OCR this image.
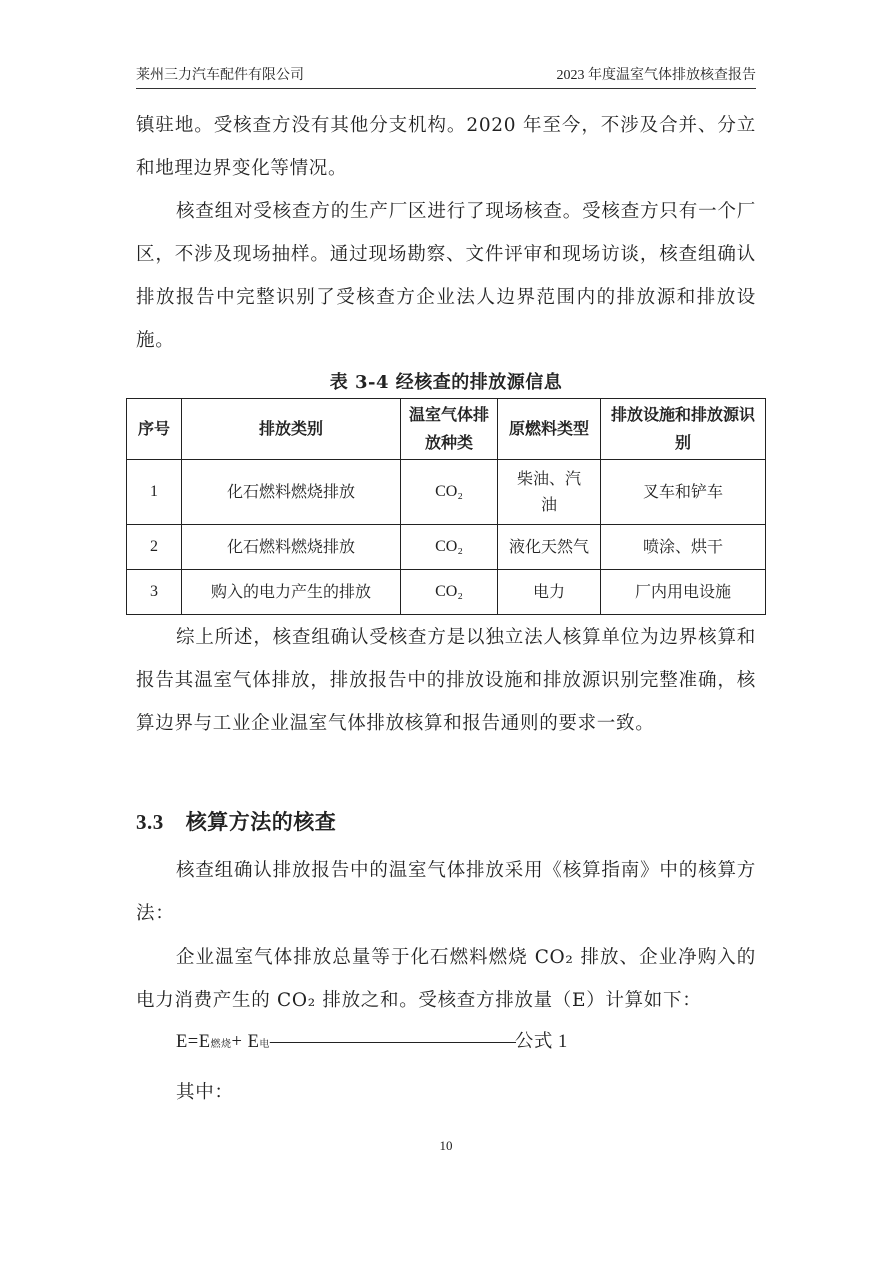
莱州三力汽车配件有限公司	2023 年度温室气体排放核查报告

镇驻地。受核查方没有其他分支机构。2020 年至今，不涉及合并、分立和地理边界变化等情况。

核查组对受核查方的生产厂区进行了现场核查。受核查方只有一个厂区，不涉及现场抽样。通过现场勘察、文件评审和现场访谈，核查组确认排放报告中完整识别了受核查方企业法人边界范围内的排放源和排放设施。

表 3-4 经核查的排放源信息
序号	排放类别	温室气体排放种类	原燃料类型	排放设施和排放源识别
1	化石燃料燃烧排放	CO₂	柴油、汽油	叉车和铲车
2	化石燃料燃烧排放	CO₂	液化天然气	喷涂、烘干
3	购入的电力产生的排放	CO₂	电力	厂内用电设施

综上所述，核查组确认受核查方是以独立法人核算单位为边界核算和报告其温室气体排放，排放报告中的排放设施和排放源识别完整准确，核算边界与工业企业温室气体排放核算和报告通则的要求一致。

3.3 核算方法的核查

核查组确认排放报告中的温室气体排放采用《核算指南》中的核算方法：

企业温室气体排放总量等于化石燃料燃烧 CO₂ 排放、企业净购入的电力消费产生的 CO₂ 排放之和。受核查方排放量（E）计算如下：

E=E燃烧+ E电——————————————公式 1

其中：

10
